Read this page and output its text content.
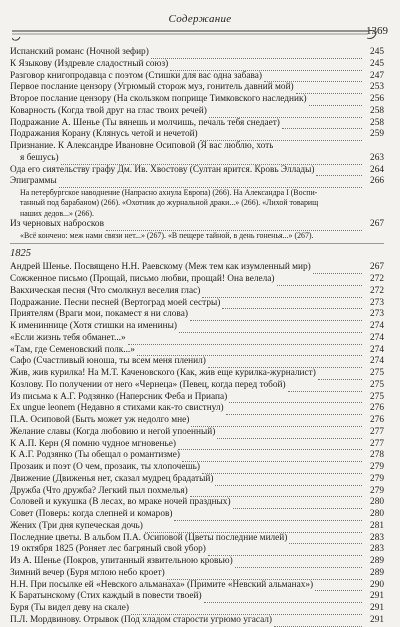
Содержание
1369
Испанский романс (Ночной зефир)	245
К Языкову (Издревле сладостный союз)	245
Разговор книгопродавца с поэтом (Стишки для вас одна забава)	247
Первое послание цензору (Угрюмый сторож муз, гонитель давний мой)	253
Второе послание цензору (На скользком поприще Тимковского наследник)	256
Коварность (Когда твой друг на глас твоих речей)	258
Подражание А. Шенье (Ты вянешь и молчишь, печаль тебя снедает)	258
Подражания Корану (Клянусь четой и нечетой)	259
Признание. К Александре Ивановне Осиповой (Я вас люблю, хоть
я бешусь)	263
Ода его сиятельству графу Дм. Ив. Хвостову (Султан ярится. Кровь Эллады)	264
Эпиграммы	266
На петербургское наводнение (Напрасно ахнула Европа) (266). На Александра I (Воспи-
танный под барабаном) (266). «Охотник до журнальной драки...» (266). «Лихой товарищ
наших дедов...» (266).
Из черновых набросков	267
«Всё кончено: меж нами связи нет...» (267). «В пещере тайной, в день гоненья...» (267).
1825
Андрей Шенье. Посвящено Н.Н. Раевскому (Меж тем как изумленный мир)	267
Сожженное письмо (Прощай, письмо любви, прощай! Она велела)	272
Вакхическая песня (Что смолкнул веселия глас)	272
Подражание. Песни песней (Вертоград моей сестры)	273
Приятелям (Враги мои, покамест я ни слова)	273
К имениннице (Хотя стишки на именины)	274
«Если жизнь тебя обманет...»	274
«Там, где Семеновский полк...»	274
Сафо (Счастливый юноша, ты всем меня пленил)	274
Жив, жив курилка! На М.Т. Каченовского (Как, жив еще курилка-журналист)	275
Козлову. По получении от него «Чернеца» (Певец, когда перед тобой)	275
Из письма к А.Г. Родзянко (Наперсник Феба и Приапа)	275
Ex ungue leonem (Недавно я стихами как-то свистнул)	276
П.А. Осиповой (Быть может уж недолго мне)	276
Желание славы (Когда любовию и негой упоенный)	277
К А.П. Керн (Я помню чудное мгновенье)	277
К А.Г. Родзянко (Ты обещал о романтизме)	278
Прозаик и поэт (О чем, прозаик, ты хлопочешь)	279
Движение (Движенья нет, сказал мудрец брадатый)	279
Дружба (Что дружба? Легкий пыл похмелья)	279
Соловей и кукушка (В лесах, во мраке ночей праздных)	280
Совет (Поверь: когда слепней и комаров)	280
Жених (Три дня купеческая дочь)	281
Последние цветы. В альбом П.А. Осиповой (Цветы последние милей)	283
19 октября 1825 (Роняет лес багряный свой убор)	283
Из А. Шенье (Покров, упитанный язвительною кровью)	289
Зимний вечер (Буря мглою небо кроет)	289
Н.Н. При посылке ей «Невского альманаха» (Примите «Невский альманах»)	290
К Баратынскому (Стих каждый в повести твоей)	291
Буря (Ты видел деву на скале)	291
П.Л. Мордвинову. Отрывок (Под хладом старости угрюмо угасал)	291
